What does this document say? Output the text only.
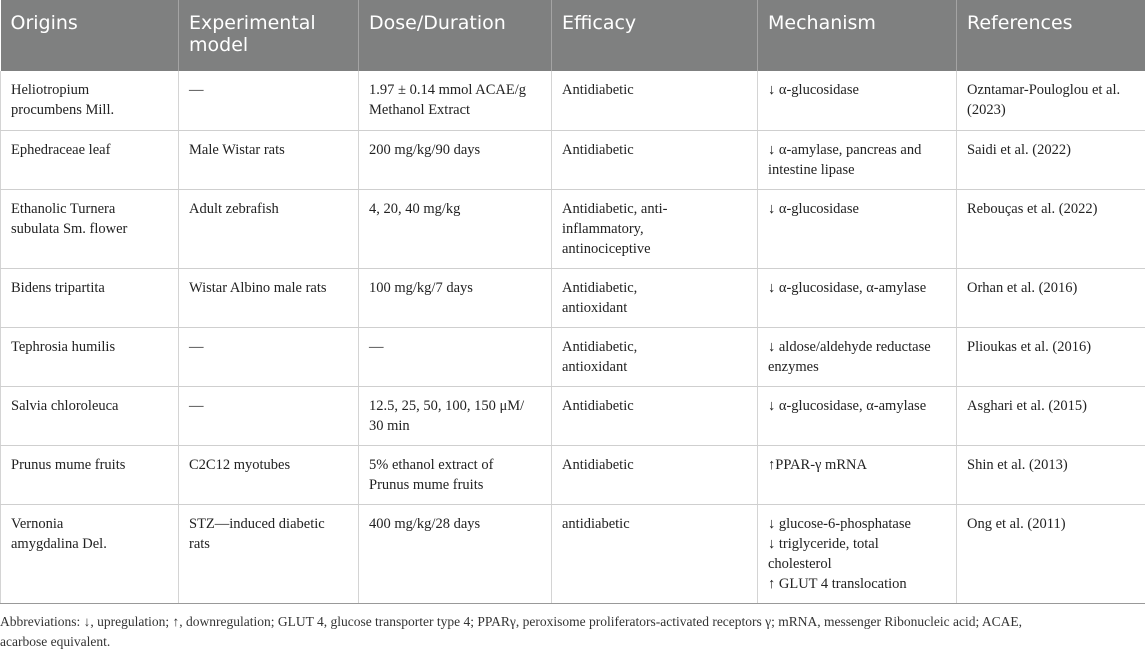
Origins	Experimental
model	Dose/Duration	Efficacy	Mechanism	References

Heliotropium
procumbens Mill.	—	1.97 ± 0.14 mmol ACAE/g
Methanol Extract	Antidiabetic	↓ α-glucosidase	Ozntamar-Poulоglou et al.
(2023)

Ephedraceae leaf	Male Wistar rats	200 mg/kg/90 days	Antidiabetic	↓ α-amylase, pancreas and
intestine lipase	Saidi et al. (2022)

Ethanolic Turnera
subulata Sm. flower	Adult zebrafish	4, 20, 40 mg/kg	Antidiabetic, anti-
inflammatory,
antinociceptive	↓ α-glucosidase	Rebouças et al. (2022)

Bidens tripartita	Wistar Albino male rats	100 mg/kg/7 days	Antidiabetic,
antioxidant	↓ α-glucosidase, α-amylase	Orhan et al. (2016)

Tephrosia humilis	—	—	Antidiabetic,
antioxidant	↓ aldose/aldehyde reductase
enzymes	Plioukas et al. (2016)

Salvia chloroleuca	—	12.5, 25, 50, 100, 150 μM/
30 min	Antidiabetic	↓ α-glucosidase, α-amylase	Asghari et al. (2015)

Prunus mume fruits	C2C12 myotubes	5% ethanol extract of
Prunus mume fruits	Antidiabetic	↑PPAR-γ mRNA	Shin et al. (2013)

Vernonia
amygdalina Del.	STZ—induced diabetic
rats	400 mg/kg/28 days	antidiabetic	↓ glucose-6-phosphatase
↓ triglyceride, total
cholesterol
↑ GLUT 4 translocation	Ong et al. (2011)
Abbreviations: ↓, upregulation; ↑, downregulation; GLUT 4, glucose transporter type 4; PPARγ, peroxisome proliferators-activated receptors γ; mRNA, messenger Ribonucleic acid; ACAE,
acarbose equivalent.
